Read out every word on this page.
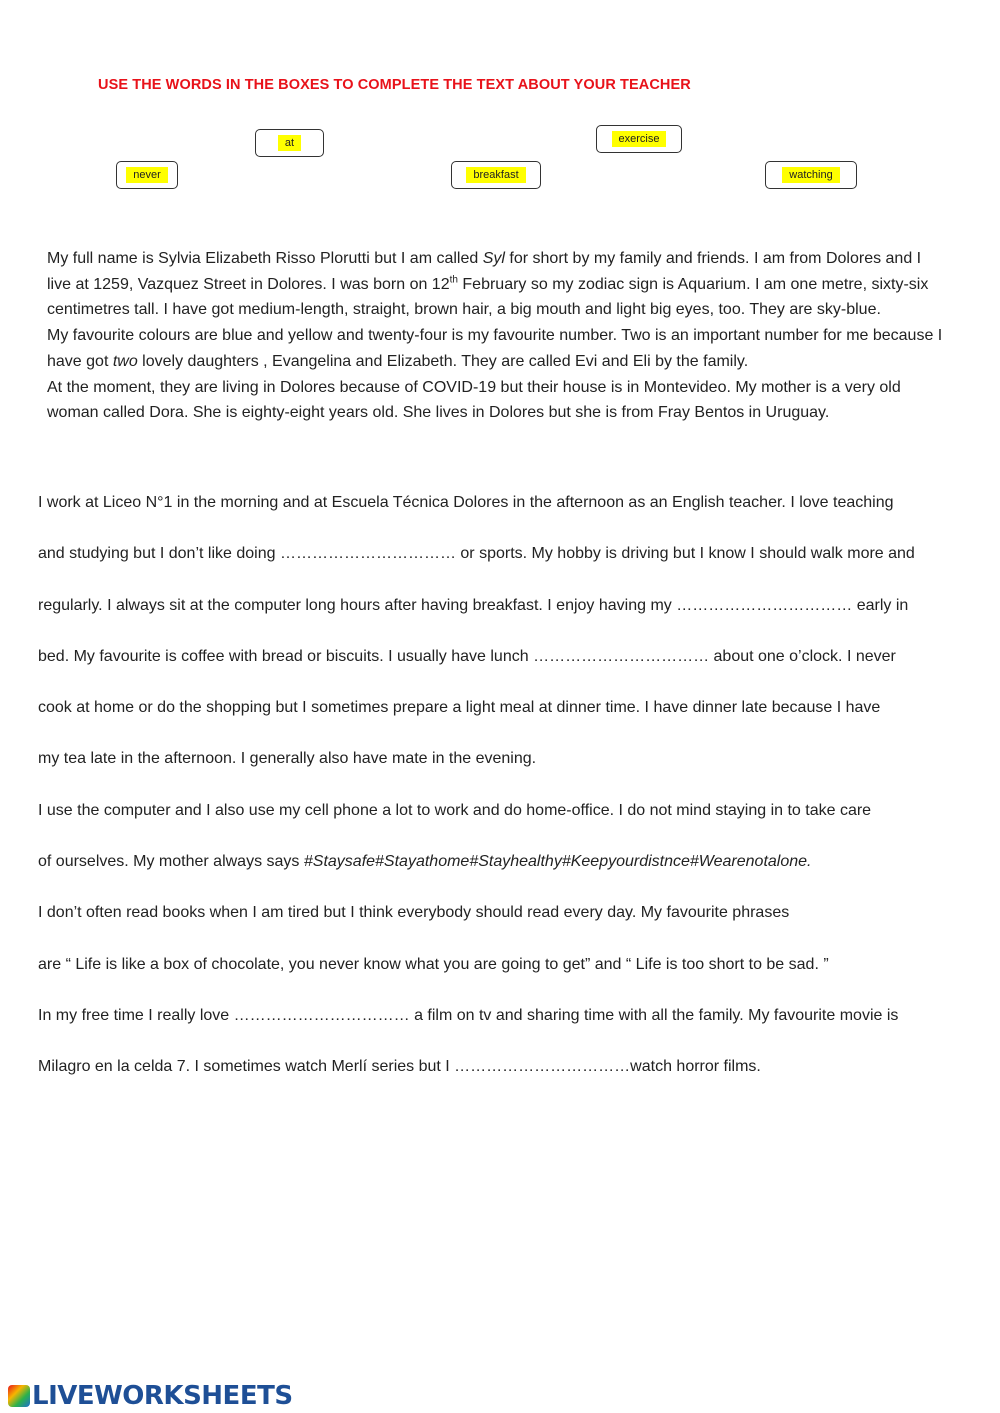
USE THE WORDS IN THE BOXES TO COMPLETE THE TEXT ABOUT YOUR TEACHER
at	exercise
never	breakfast	watching

My full name is Sylvia Elizabeth Risso Plorutti but I am called Syl for short by my family and friends. I am from Dolores and I live at 1259, Vazquez Street in Dolores. I was born on 12th February so my zodiac sign is Aquarium. I am one metre, sixty-six centimetres tall. I have got medium-length, straight, brown hair, a big mouth and light big eyes, too. They are sky-blue.

My favourite colours are blue and yellow and twenty-four is my favourite number. Two is an important number for me because I have got two lovely daughters , Evangelina and Elizabeth. They are called Evi and Eli by the family.

At the moment, they are living in Dolores because of COVID-19 but their house is in Montevideo. My mother is a very old woman called Dora. She is eighty-eight years old. She lives in Dolores but she is from Fray Bentos in Uruguay.

I work at Liceo N°1 in the morning and at Escuela Técnica Dolores in the afternoon as an English teacher. I love teaching

and studying but I don’t like doing …………………………… or sports. My hobby is driving but I know I should walk more and

regularly. I always sit at the computer long hours after having breakfast. I enjoy having my …………………………… early in

bed. My favourite is coffee with bread or biscuits. I usually have lunch …………………………… about one o’clock. I never

cook at home or do the shopping but I sometimes prepare a light meal at dinner time. I have dinner late because I have

my tea late in the afternoon. I generally also have mate in the evening.

I use the computer and I also use my cell phone a lot to work and do home-office. I do not mind staying in to take care

of ourselves. My mother always says #Staysafe#Stayathome#Stayhealthy#Keepyourdistnce#Wearenotalone.

I don’t often read books when I am tired but I think everybody should read every day. My favourite phrases

are “ Life is like a box of chocolate, you never know what you are going to get” and “ Life is too short to be sad. ”

In my free time I really love …………………………… a film on tv and sharing time with all the family. My favourite movie is

Milagro en la celda 7. I sometimes watch Merlí series but I ……………………………watch horror films.

LIVEWORKSHEETS
